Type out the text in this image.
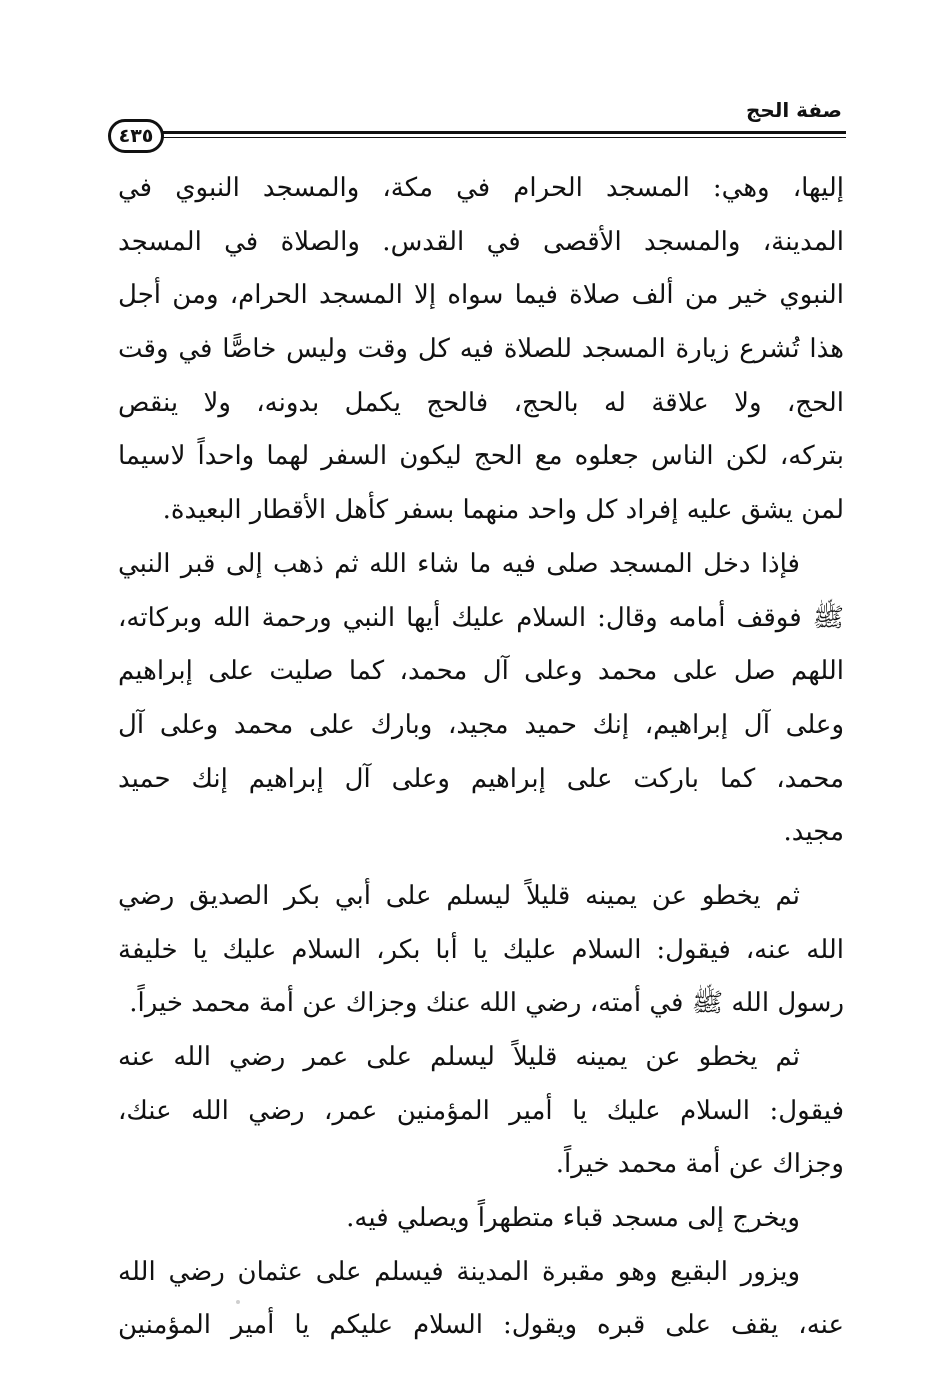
صفة الحج
٤٣٥
إليها، وهي: المسجد الحرام في مكة، والمسجد النبوي في
المدينة، والمسجد الأقصى في القدس. والصلاة في المسجد
النبوي خير من ألف صلاة فيما سواه إلا المسجد الحرام، ومن أجل
هذا تُشرع زيارة المسجد للصلاة فيه كل وقت وليس خاصًّا في وقت
الحج، ولا علاقة له بالحج، فالحج يكمل بدونه، ولا ينقص
بتركه، لكن الناس جعلوه مع الحج ليكون السفر لهما واحداً لاسيما
لمن يشق عليه إفراد كل واحد منهما بسفر كأهل الأقطار البعيدة.
فإذا دخل المسجد صلى فيه ما شاء الله ثم ذهب إلى قبر النبي
ﷺ فوقف أمامه وقال: السلام عليك أيها النبي ورحمة الله وبركاته،
اللهم صل على محمد وعلى آل محمد، كما صليت على إبراهيم
وعلى آل إبراهيم، إنك حميد مجيد، وبارك على محمد وعلى آل
محمد، كما باركت على إبراهيم وعلى آل إبراهيم إنك حميد
مجيد.
ثم يخطو عن يمينه قليلاً ليسلم على أبي بكر الصديق رضي
الله عنه، فيقول: السلام عليك يا أبا بكر، السلام عليك يا خليفة
رسول الله ﷺ في أمته، رضي الله عنك وجزاك عن أمة محمد خيراً.
ثم يخطو عن يمينه قليلاً ليسلم على عمر رضي الله عنه
فيقول: السلام عليك يا أمير المؤمنين عمر، رضي الله عنك،
وجزاك عن أمة محمد خيراً.
ويخرج إلى مسجد قباء متطهراً ويصلي فيه.
ويزور البقيع وهو مقبرة المدينة فيسلم على عثمان رضي الله
عنه، يقف على قبره ويقول: السلام عليكم يا أمير المؤمنين
